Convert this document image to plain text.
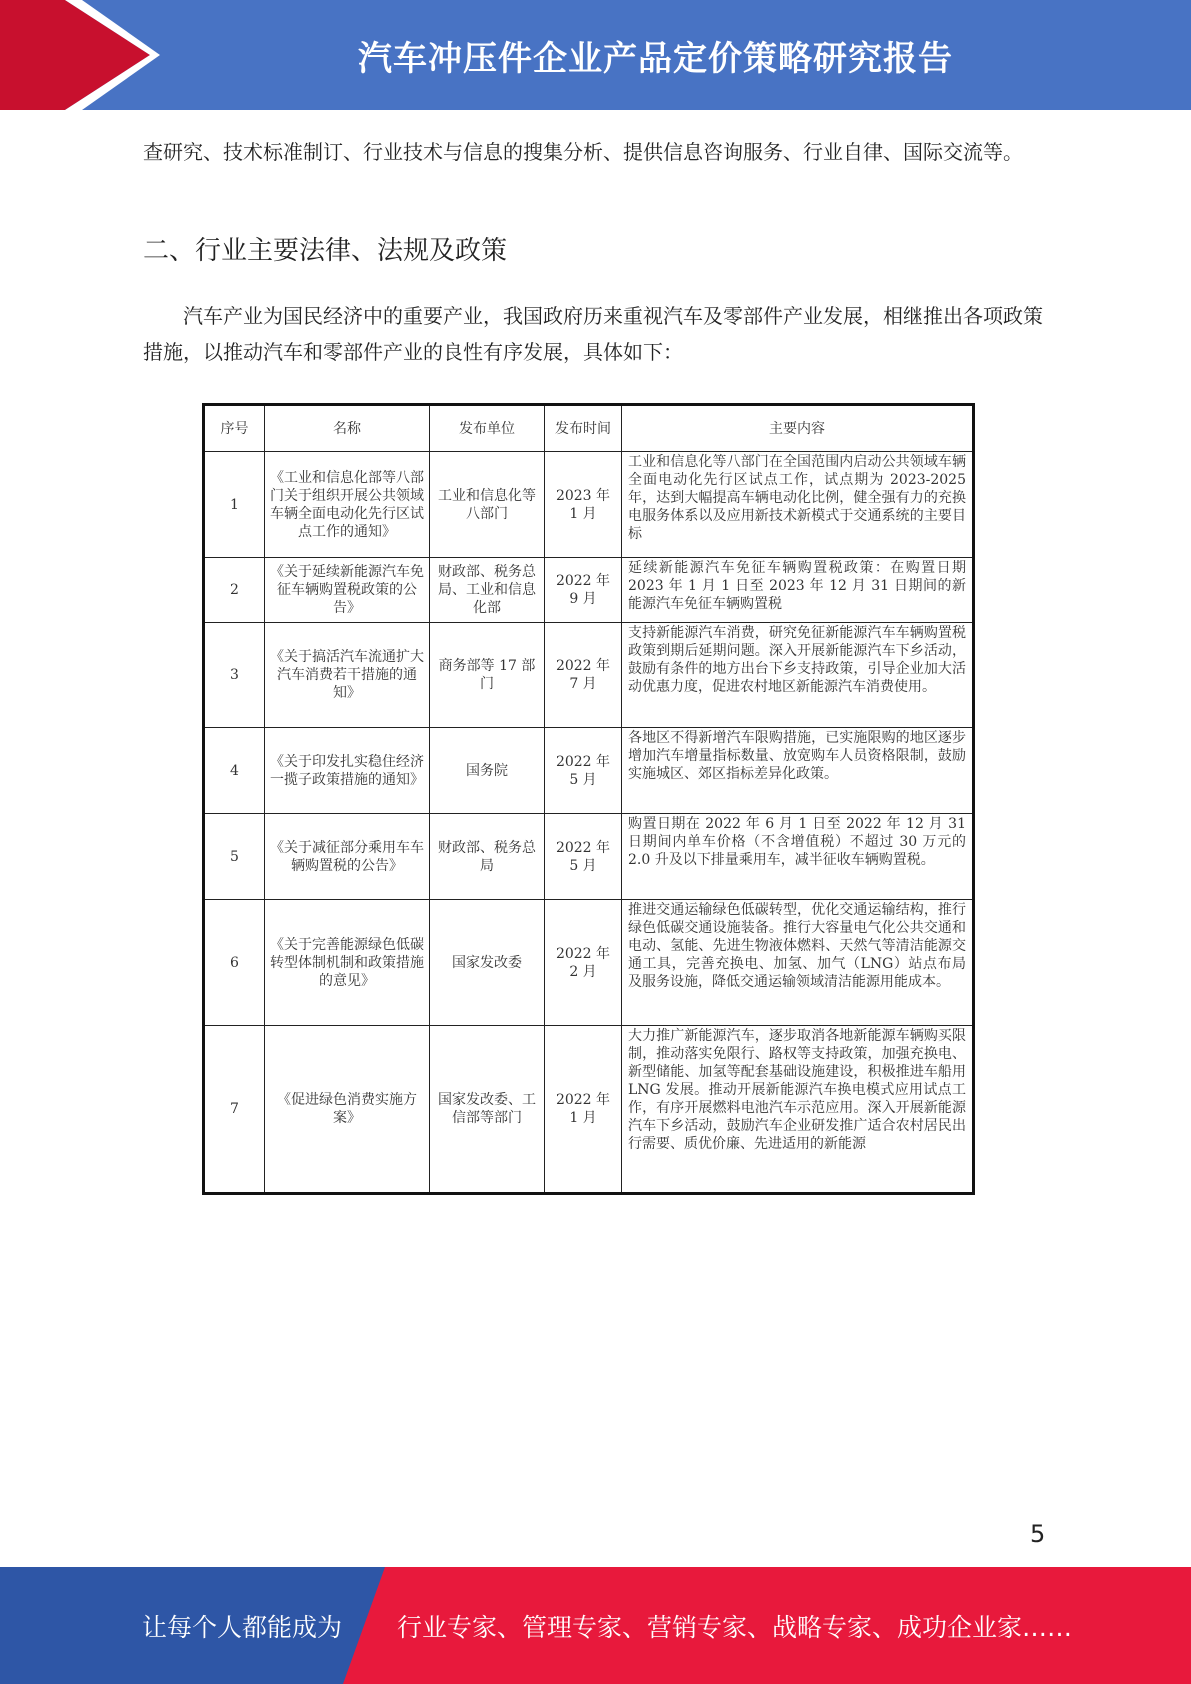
汽车冲压件企业产品定价策略研究报告
查研究、技术标准制订、行业技术与信息的搜集分析、提供信息咨询服务、行业自律、国际交流等。
二、行业主要法律、法规及政策
汽车产业为国民经济中的重要产业，我国政府历来重视汽车及零部件产业发展，相继推出各项政策措施，以推动汽车和零部件产业的良性有序发展，具体如下：
序号	名称	发布单位	发布时间	主要内容
1	《工业和信息化部等八部门关于组织开展公共领域车辆全面电动化先行区试点工作的通知》	工业和信息化等八部门	2023 年 1 月	工业和信息化等八部门在全国范围内启动公共领域车辆全面电动化先行区试点工作，试点期为 2023-2025 年，达到大幅提高车辆电动化比例，健全强有力的充换电服务体系以及应用新技术新模式于交通系统的主要目标
2	《关于延续新能源汽车免征车辆购置税政策的公告》	财政部、税务总局、工业和信息化部	2022 年 9 月	延续新能源汽车免征车辆购置税政策：在购置日期 2023 年 1 月 1 日至 2023 年 12 月 31 日期间的新能源汽车免征车辆购置税
3	《关于搞活汽车流通扩大汽车消费若干措施的通知》	商务部等 17 部门	2022 年 7 月	支持新能源汽车消费，研究免征新能源汽车车辆购置税政策到期后延期问题。深入开展新能源汽车下乡活动，鼓励有条件的地方出台下乡支持政策，引导企业加大活动优惠力度，促进农村地区新能源汽车消费使用。
4	《关于印发扎实稳住经济一揽子政策措施的通知》	国务院	2022 年 5 月	各地区不得新增汽车限购措施，已实施限购的地区逐步增加汽车增量指标数量、放宽购车人员资格限制，鼓励实施城区、郊区指标差异化政策。
5	《关于减征部分乘用车车辆购置税的公告》	财政部、税务总局	2022 年 5 月	购置日期在 2022 年 6 月 1 日至 2022 年 12 月 31 日期间内单车价格（不含增值税）不超过 30 万元的 2.0 升及以下排量乘用车，减半征收车辆购置税。
6	《关于完善能源绿色低碳转型体制机制和政策措施的意见》	国家发改委	2022 年 2 月	推进交通运输绿色低碳转型，优化交通运输结构，推行绿色低碳交通设施装备。推行大容量电气化公共交通和电动、氢能、先进生物液体燃料、天然气等清洁能源交通工具，完善充换电、加氢、加气（LNG）站点布局及服务设施，降低交通运输领域清洁能源用能成本。
7	《促进绿色消费实施方案》	国家发改委、工信部等部门	2022 年 1 月	大力推广新能源汽车，逐步取消各地新能源车辆购买限制，推动落实免限行、路权等支持政策，加强充换电、新型储能、加氢等配套基础设施建设，积极推进车船用 LNG 发展。推动开展新能源汽车换电模式应用试点工作，有序开展燃料电池汽车示范应用。深入开展新能源汽车下乡活动，鼓励汽车企业研发推广适合农村居民出行需要、质优价廉、先进适用的新能源
5
让每个人都能成为 行业专家、管理专家、营销专家、战略专家、成功企业家……
